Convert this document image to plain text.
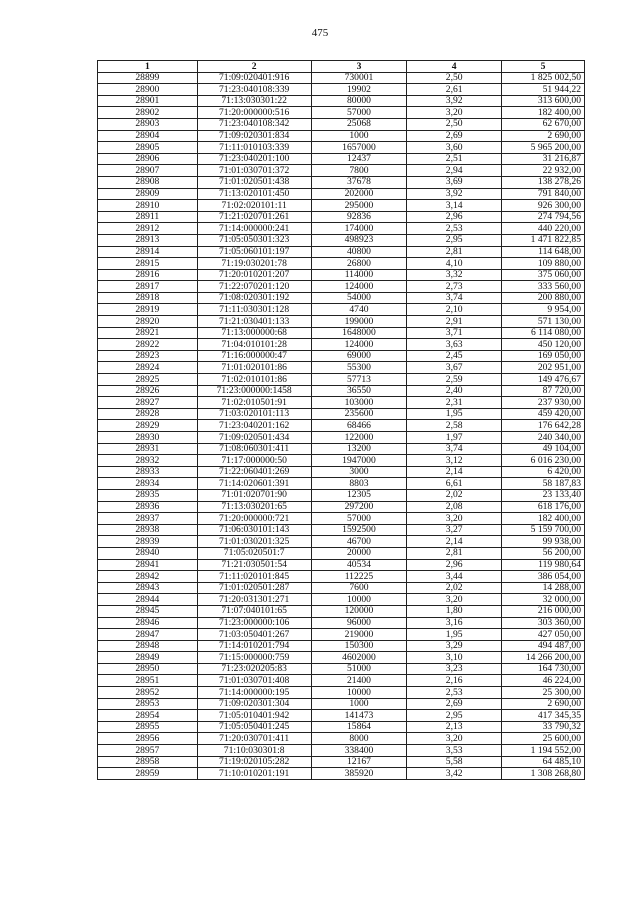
475
1	2	3	4	5
28899	71:09:020401:916	730001	2,50	1 825 002,50
28900	71:23:040108:339	19902	2,61	51 944,22
28901	71:13:030301:22	80000	3,92	313 600,00
28902	71:20:000000:516	57000	3,20	182 400,00
28903	71:23:040108:342	25068	2,50	62 670,00
28904	71:09:020301:834	1000	2,69	2 690,00
28905	71:11:010103:339	1657000	3,60	5 965 200,00
28906	71:23:040201:100	12437	2,51	31 216,87
28907	71:01:030701:372	7800	2,94	22 932,00
28908	71:01:020501:438	37678	3,69	138 278,26
28909	71:13:020101:450	202000	3,92	791 840,00
28910	71:02:020101:11	295000	3,14	926 300,00
28911	71:21:020701:261	92836	2,96	274 794,56
28912	71:14:000000:241	174000	2,53	440 220,00
28913	71:05:050301:323	498923	2,95	1 471 822,85
28914	71:05:060101:197	40800	2,81	114 648,00
28915	71:19:030201:78	26800	4,10	109 880,00
28916	71:20:010201:207	114000	3,32	375 060,00
28917	71:22:070201:120	124000	2,73	333 560,00
28918	71:08:020301:192	54000	3,74	200 880,00
28919	71:11:030301:128	4740	2,10	9 954,00
28920	71:21:030401:133	199000	2,91	571 130,00
28921	71:13:000000:68	1648000	3,71	6 114 080,00
28922	71:04:010101:28	124000	3,63	450 120,00
28923	71:16:000000:47	69000	2,45	169 050,00
28924	71:01:020101:86	55300	3,67	202 951,00
28925	71:02:010101:86	57713	2,59	149 476,67
28926	71:23:000000:1458	36550	2,40	87 720,00
28927	71:02:010501:91	103000	2,31	237 930,00
28928	71:03:020101:113	235600	1,95	459 420,00
28929	71:23:040201:162	68466	2,58	176 642,28
28930	71:09:020501:434	122000	1,97	240 340,00
28931	71:08:060301:411	13200	3,74	49 104,00
28932	71:17:000000:50	1947000	3,12	6 016 230,00
28933	71:22:060401:269	3000	2,14	6 420,00
28934	71:14:020601:391	8803	6,61	58 187,83
28935	71:01:020701:90	12305	2,02	23 133,40
28936	71:13:030201:65	297200	2,08	618 176,00
28937	71:20:000000:721	57000	3,20	182 400,00
28938	71:06:030101:143	1592500	3,27	5 159 700,00
28939	71:01:030201:325	46700	2,14	99 938,00
28940	71:05:020501:7	20000	2,81	56 200,00
28941	71:21:030501:54	40534	2,96	119 980,64
28942	71:11:020101:845	112225	3,44	386 054,00
28943	71:01:020501:287	7600	2,02	14 288,00
28944	71:20:031301:271	10000	3,20	32 000,00
28945	71:07:040101:65	120000	1,80	216 000,00
28946	71:23:000000:106	96000	3,16	303 360,00
28947	71:03:050401:267	219000	1,95	427 050,00
28948	71:14:010201:794	150300	3,29	494 487,00
28949	71:15:000000:759	4602000	3,10	14 266 200,00
28950	71:23:020205:83	51000	3,23	164 730,00
28951	71:01:030701:408	21400	2,16	46 224,00
28952	71:14:000000:195	10000	2,53	25 300,00
28953	71:09:020301:304	1000	2,69	2 690,00
28954	71:05:010401:942	141473	2,95	417 345,35
28955	71:05:050401:245	15864	2,13	33 790,32
28956	71:20:030701:411	8000	3,20	25 600,00
28957	71:10:030301:8	338400	3,53	1 194 552,00
28958	71:19:020105:282	12167	5,58	64 485,10
28959	71:10:010201:191	385920	3,42	1 308 268,80
